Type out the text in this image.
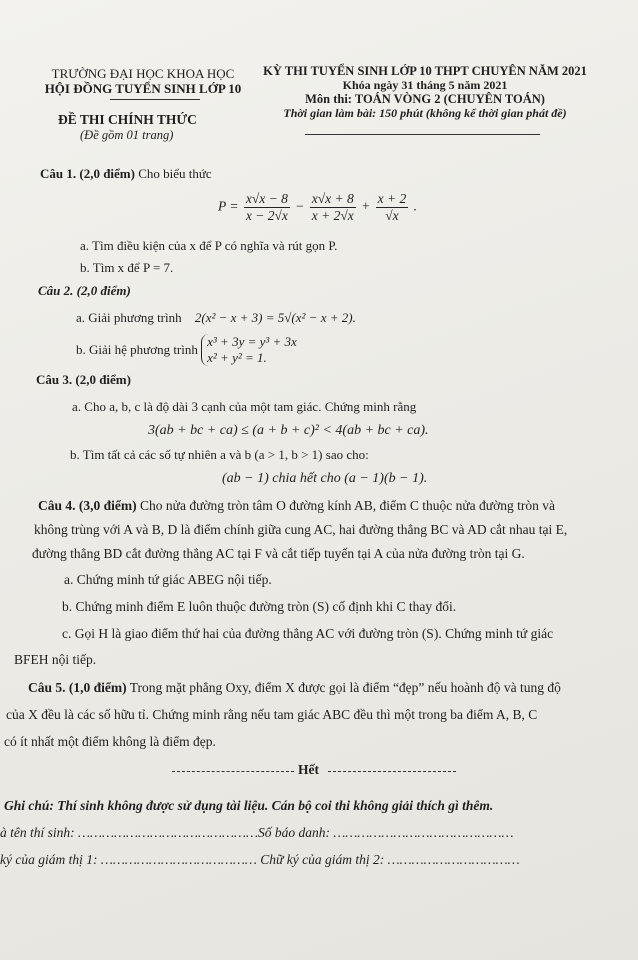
TRƯỜNG ĐẠI HỌC KHOA HỌC
HỘI ĐỒNG TUYỂN SINH LỚP 10
ĐỀ THI CHÍNH THỨC
(Đề gồm 01 trang)
KỲ THI TUYỂN SINH LỚP 10 THPT CHUYÊN NĂM 2021
Khóa ngày 31 tháng 5 năm 2021
Môn thi: TOÁN VÒNG 2 (CHUYÊN TOÁN)
Thời gian làm bài: 150 phút (không kể thời gian phát đề)
Câu 1. (2,0 điểm) Cho biểu thức
$P = \frac{x√x - 8}{x - 2√x} - \frac{x√x + 8}{x + 2√x} + \frac{x + 2}{√x}$ .
a. Tìm điều kiện của x để P có nghĩa và rút gọn P.
b. Tìm x để P = 7.
Câu 2. (2,0 điểm)
a. Giải phương trình 2(x² − x + 3) = 5√(x² − x + 2).
b. Giải hệ phương trình
x³ + 3y = y³ + 3x
x² + y² = 1.
Câu 3. (2,0 điểm)
a. Cho a, b, c là độ dài 3 cạnh của một tam giác. Chứng minh rằng
3(ab + bc + ca) ≤ (a + b + c)² < 4(ab + bc + ca).
b. Tìm tất cả các số tự nhiên a và b (a > 1, b > 1) sao cho:
(ab − 1) chia hết cho (a − 1)(b − 1).
Câu 4. (3,0 điểm) Cho nửa đường tròn tâm O đường kính AB, điểm C thuộc nửa đường tròn và
không trùng với A và B, D là điểm chính giữa cung AC, hai đường thẳng BC và AD cắt nhau tại E,
đường thẳng BD cắt đường thẳng AC tại F và cắt tiếp tuyến tại A của nửa đường tròn tại G.
a. Chứng minh tứ giác ABEG nội tiếp.
b. Chứng minh điểm E luôn thuộc đường tròn (S) cố định khi C thay đổi.
c. Gọi H là giao điểm thứ hai của đường thẳng AC với đường tròn (S). Chứng minh tứ giác
BFEH nội tiếp.
Câu 5. (1,0 điểm) Trong mặt phẳng Oxy, điểm X được gọi là điểm “đẹp” nếu hoành độ và tung độ
của X đều là các số hữu tỉ. Chứng minh rằng nếu tam giác ABC đều thì một trong ba điểm A, B, C
có ít nhất một điểm không là điểm đẹp.
Hết
Ghi chú: Thí sinh không được sử dụng tài liệu. Cán bộ coi thi không giải thích gì thêm.
à tên thí sinh: ………………………………………Số báo danh: ………………………………………
ký của giám thị 1: ………………………………… Chữ ký của giám thị 2: ……………………………
